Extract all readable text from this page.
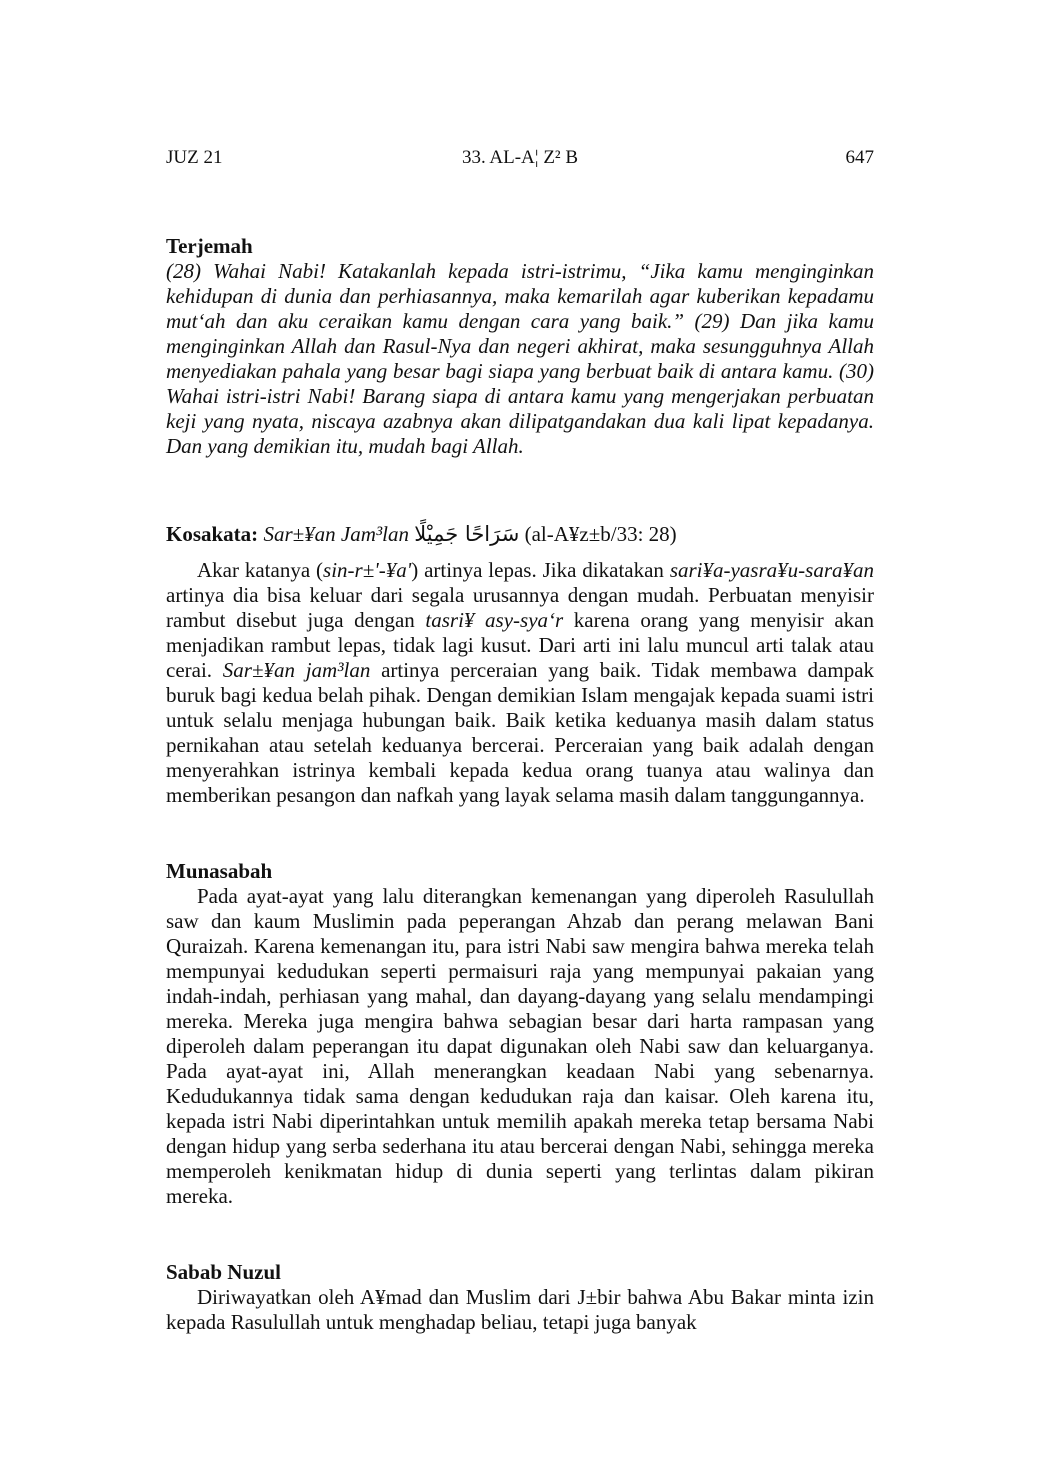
JUZ 21	33. AL-A¦ Z² B	647
Terjemah

(28) Wahai Nabi! Katakanlah kepada istri-istrimu, “Jika kamu menginginkan kehidupan di dunia dan perhiasannya, maka kemarilah agar kuberikan kepadamu mut‘ah dan aku ceraikan kamu dengan cara yang baik.” (29) Dan jika kamu menginginkan Allah dan Rasul-Nya dan negeri akhirat, maka sesungguhnya Allah menyediakan pahala yang besar bagi siapa yang berbuat baik di antara kamu. (30) Wahai istri-istri Nabi! Barang siapa di antara kamu yang mengerjakan perbuatan keji yang nyata, niscaya azabnya akan dilipatgandakan dua kali lipat kepadanya. Dan yang demikian itu, mudah bagi Allah.

Kosakata: Sar±¥an Jam³lan سَرَاحًا جَمِيْلًا (al-A¥z±b/33: 28)

Akar katanya (sin-r±'-¥a') artinya lepas. Jika dikatakan sari¥a-yasra¥u-sara¥an artinya dia bisa keluar dari segala urusannya dengan mudah. Perbuatan menyisir rambut disebut juga dengan tasri¥ asy-sya‘r karena orang yang menyisir akan menjadikan rambut lepas, tidak lagi kusut. Dari arti ini lalu muncul arti talak atau cerai. Sar±¥an jam³lan artinya perceraian yang baik. Tidak membawa dampak buruk bagi kedua belah pihak. Dengan demikian Islam mengajak kepada suami istri untuk selalu menjaga hubungan baik. Baik ketika keduanya masih dalam status pernikahan atau setelah keduanya bercerai. Perceraian yang baik adalah dengan menyerahkan istrinya kembali kepada kedua orang tuanya atau walinya dan memberikan pesangon dan nafkah yang layak selama masih dalam tanggungannya.

Munasabah

Pada ayat-ayat yang lalu diterangkan kemenangan yang diperoleh Rasulullah saw dan kaum Muslimin pada peperangan Ahzab dan perang melawan Bani Quraizah. Karena kemenangan itu, para istri Nabi saw mengira bahwa mereka telah mempunyai kedudukan seperti permaisuri raja yang mempunyai pakaian yang indah-indah, perhiasan yang mahal, dan dayang-dayang yang selalu mendampingi mereka. Mereka juga mengira bahwa sebagian besar dari harta rampasan yang diperoleh dalam peperangan itu dapat digunakan oleh Nabi saw dan keluarganya. Pada ayat-ayat ini, Allah menerangkan keadaan Nabi yang sebenarnya. Kedudukannya tidak sama dengan kedudukan raja dan kaisar. Oleh karena itu, kepada istri Nabi diperintahkan untuk memilih apakah mereka tetap bersama Nabi dengan hidup yang serba sederhana itu atau bercerai dengan Nabi, sehingga mereka memperoleh kenikmatan hidup di dunia seperti yang terlintas dalam pikiran mereka.

Sabab Nuzul

Diriwayatkan oleh A¥mad dan Muslim dari J±bir bahwa Abu Bakar minta izin kepada Rasulullah untuk menghadap beliau, tetapi juga banyak
